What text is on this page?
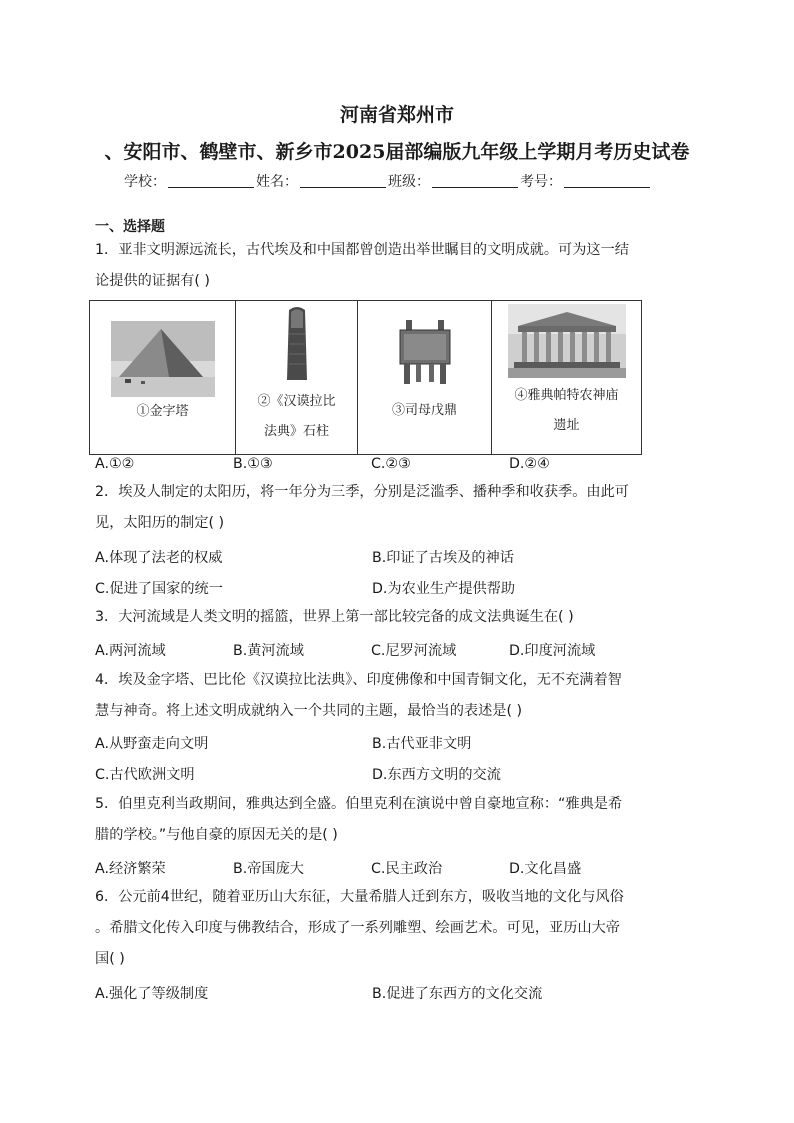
河南省郑州市
、安阳市、鹤壁市、新乡市2025届部编版九年级上学期月考历史试卷
学校：	姓名：	班级：	考号：
一、选择题
1．亚非文明源远流长，古代埃及和中国都曾创造出举世瞩目的文明成就。可为这一结
论提供的证据有( )
①金字塔

②《汉谟拉比
法典》石柱

③司母戊鼎

④雅典帕特农神庙
遗址
A.①②	B.①③	C.②③	D.②④
2．埃及人制定的太阳历，将一年分为三季，分别是泛滥季、播种季和收获季。由此可
见，太阳历的制定( )
A.体现了法老的权威	B.印证了古埃及的神话
C.促进了国家的统一	D.为农业生产提供帮助
3．大河流域是人类文明的摇篮，世界上第一部比较完备的成文法典诞生在( )
A.两河流域	B.黄河流域	C.尼罗河流域	D.印度河流域
4．埃及金字塔、巴比伦《汉谟拉比法典》、印度佛像和中国青铜文化，无不充满着智
慧与神奇。将上述文明成就纳入一个共同的主题，最恰当的表述是( )
A.从野蛮走向文明	B.古代亚非文明
C.古代欧洲文明	D.东西方文明的交流
5．伯里克利当政期间，雅典达到全盛。伯里克利在演说中曾自豪地宣称：“雅典是希
腊的学校。”与他自豪的原因无关的是( )
A.经济繁荣	B.帝国庞大	C.民主政治	D.文化昌盛
6．公元前4世纪，随着亚历山大东征，大量希腊人迁到东方，吸收当地的文化与风俗
。希腊文化传入印度与佛教结合，形成了一系列雕塑、绘画艺术。可见，亚历山大帝
国( )
A.强化了等级制度	B.促进了东西方的文化交流
